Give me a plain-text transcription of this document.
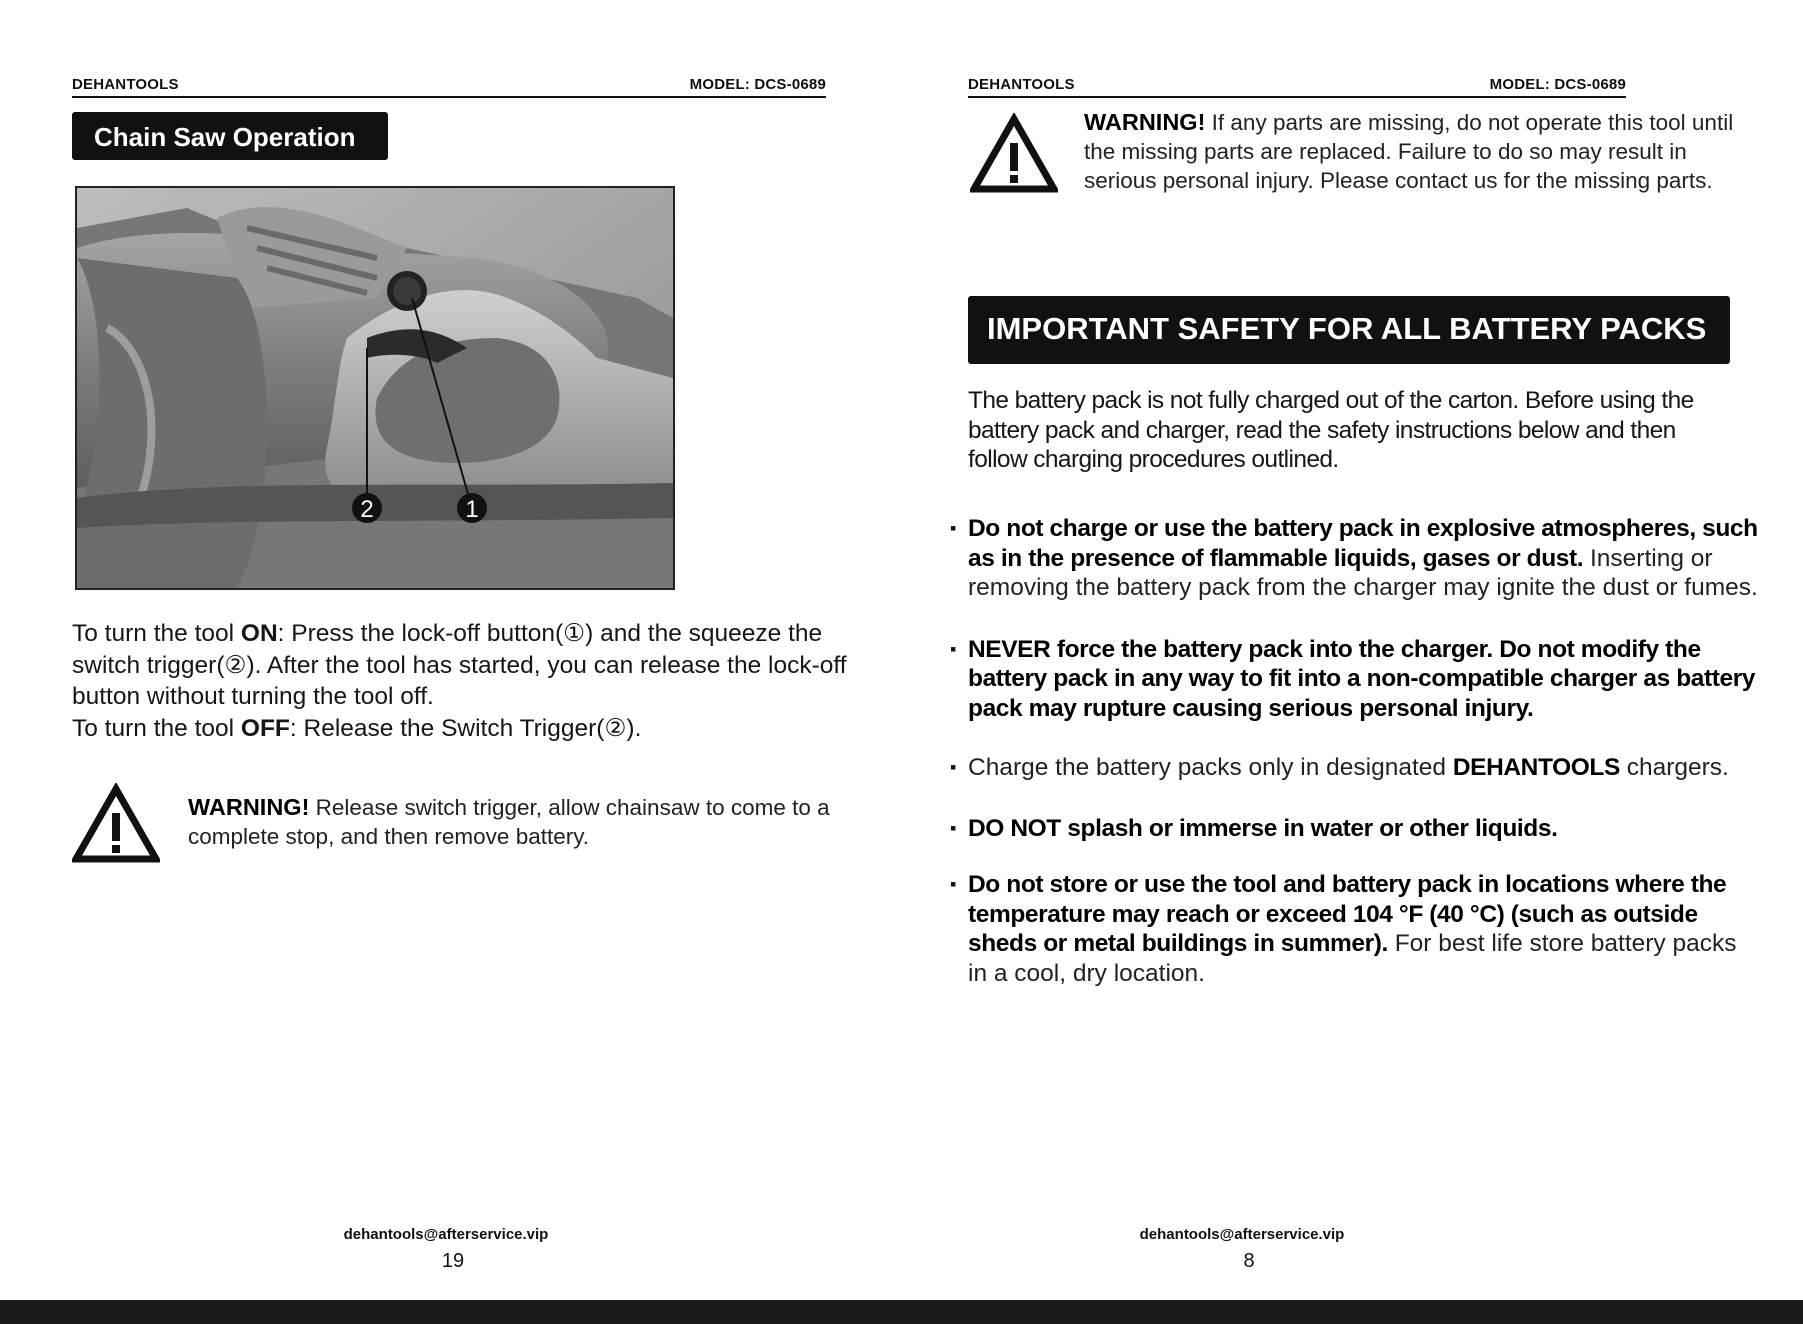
DEHANTOOLS	MODEL: DCS-0689
Chain Saw Operation
2	1
To turn the tool ON: Press the lock-off button(①) and the squeeze the switch trigger(②). After the tool has started, you can release the lock-off button without turning the tool off.
To turn the tool OFF: Release the Switch Trigger(②).
WARNING! Release switch trigger, allow chainsaw to come to a complete stop, and then remove battery.
dehantools@afterservice.vip
19
DEHANTOOLS	MODEL: DCS-0689
WARNING! If any parts are missing, do not operate this tool until the missing parts are replaced. Failure to do so may result in serious personal injury. Please contact us for the missing parts.
IMPORTANT SAFETY FOR ALL BATTERY PACKS
The battery pack is not fully charged out of the carton. Before using the battery pack and charger, read the safety instructions below and then follow charging procedures outlined.
▪ Do not charge or use the battery pack in explosive atmospheres, such as in the presence of flammable liquids, gases or dust. Inserting or removing the battery pack from the charger may ignite the dust or fumes.
▪ NEVER force the battery pack into the charger. Do not modify the battery pack in any way to fit into a non-compatible charger as battery pack may rupture causing serious personal injury.
▪ Charge the battery packs only in designated DEHANTOOLS chargers.
▪ DO NOT splash or immerse in water or other liquids.
▪ Do not store or use the tool and battery pack in locations where the temperature may reach or exceed 104 °F (40 °C) (such as outside sheds or metal buildings in summer). For best life store battery packs in a cool, dry location.
dehantools@afterservice.vip
8
